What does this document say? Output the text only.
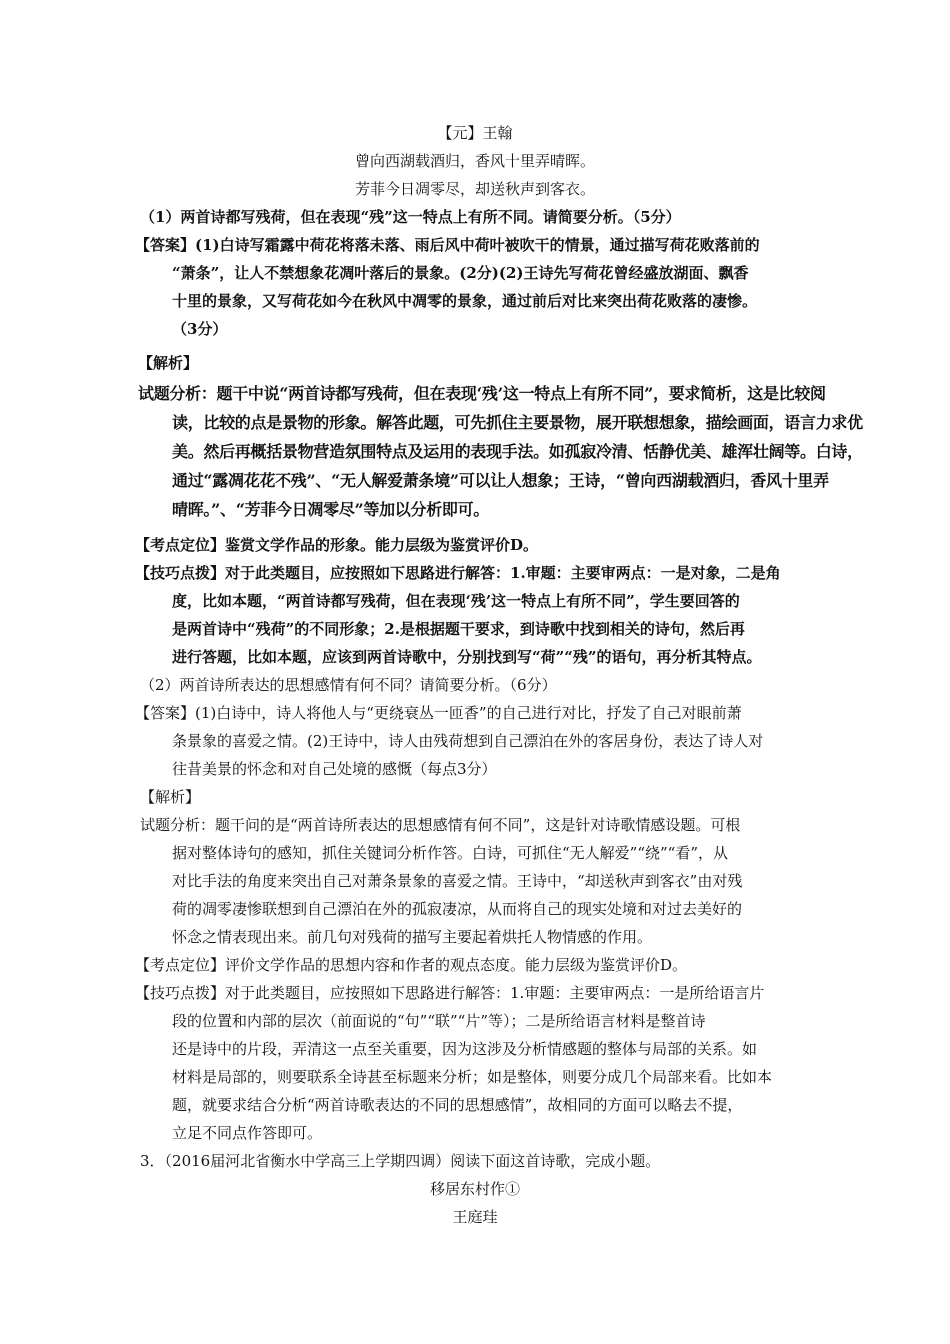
【元】王翰
曾向西湖载酒归，香风十里弄晴晖。
芳菲今日凋零尽，却送秋声到客衣。
（1）两首诗都写残荷，但在表现“残”这一特点上有所不同。请简要分析。（5分）
【答案】(1)白诗写霜露中荷花将落未落、雨后风中荷叶被吹干的情景，通过描写荷花败落前的
“萧条”，让人不禁想象花凋叶落后的景象。(2分)(2)王诗先写荷花曾经盛放湖面、飘香
十里的景象，又写荷花如今在秋风中凋零的景象，通过前后对比来突出荷花败落的凄惨。
（3分）
【解析】
试题分析：题干中说“两首诗都写残荷，但在表现‘残’这一特点上有所不同”，要求简析，这是比较阅
读，比较的点是景物的形象。解答此题，可先抓住主要景物，展开联想想象，描绘画面，语言力求优
美。然后再概括景物营造氛围特点及运用的表现手法。如孤寂冷清、恬静优美、雄浑壮阔等。白诗，
通过“露凋花花不残”、“无人解爱萧条境”可以让人想象；王诗，“曾向西湖载酒归，香风十里弄
晴晖。”、“芳菲今日凋零尽”等加以分析即可。
【考点定位】鉴赏文学作品的形象。能力层级为鉴赏评价D。
【技巧点拨】对于此类题目，应按照如下思路进行解答：1.审题：主要审两点：一是对象，二是角
度，比如本题，“两首诗都写残荷，但在表现‘残’这一特点上有所不同”，学生要回答的
是两首诗中“残荷”的不同形象；2.是根据题干要求，到诗歌中找到相关的诗句，然后再
进行答题，比如本题，应该到两首诗歌中，分别找到写“荷”“残”的语句，再分析其特点。
（2）两首诗所表达的思想感情有何不同？请简要分析。（6分）
【答案】(1)白诗中，诗人将他人与“更绕衰丛一匝香”的自己进行对比，抒发了自己对眼前萧
条景象的喜爱之情。(2)王诗中，诗人由残荷想到自己漂泊在外的客居身份，表达了诗人对
往昔美景的怀念和对自己处境的感慨（每点3分）
【解析】
试题分析：题干问的是“两首诗所表达的思想感情有何不同”，这是针对诗歌情感设题。可根
据对整体诗句的感知，抓住关键词分析作答。白诗，可抓住“无人解爱”“绕”“看”，从
对比手法的角度来突出自己对萧条景象的喜爱之情。王诗中，“却送秋声到客衣”由对残
荷的凋零凄惨联想到自己漂泊在外的孤寂凄凉，从而将自己的现实处境和对过去美好的
怀念之情表现出来。前几句对残荷的描写主要起着烘托人物情感的作用。
【考点定位】评价文学作品的思想内容和作者的观点态度。能力层级为鉴赏评价D。
【技巧点拨】对于此类题目，应按照如下思路进行解答：1.审题：主要审两点：一是所给语言片
段的位置和内部的层次（前面说的“句”“联”“片”等）；二是所给语言材料是整首诗
还是诗中的片段，弄清这一点至关重要，因为这涉及分析情感题的整体与局部的关系。如
材料是局部的，则要联系全诗甚至标题来分析；如是整体，则要分成几个局部来看。比如本
题，就要求结合分析“两首诗歌表达的不同的思想感情”，故相同的方面可以略去不提，
立足不同点作答即可。
3．（2016届河北省衡水中学高三上学期四调）阅读下面这首诗歌，完成小题。
移居东村作①
王庭珪
